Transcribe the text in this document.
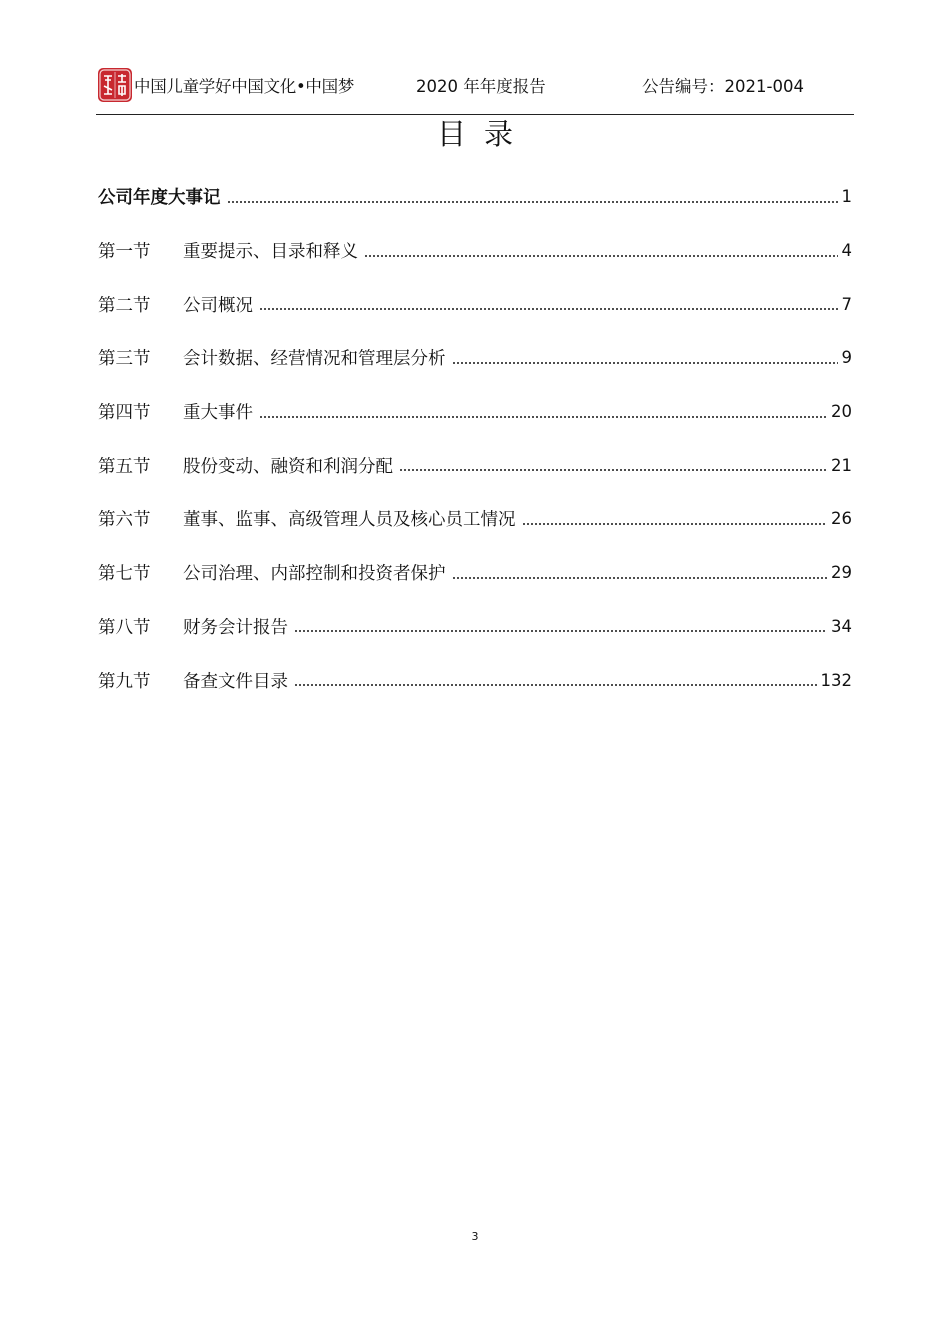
中国儿童学好中国文化•中国梦	2020 年年度报告	公告编号：2021-004
目录
公司年度大事记	1
第一节	重要提示、目录和释义	4
第二节	公司概况	7
第三节	会计数据、经营情况和管理层分析	9
第四节	重大事件	20
第五节	股份变动、融资和利润分配	21
第六节	董事、监事、高级管理人员及核心员工情况	26
第七节	公司治理、内部控制和投资者保护	29
第八节	财务会计报告	34
第九节	备查文件目录	132
3
